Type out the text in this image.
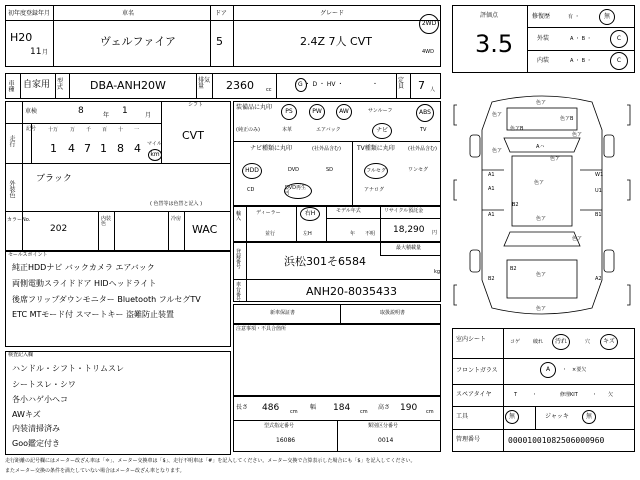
初年度登録年月	車名	ドア	グレード
H20
11 月
ヴェルファイア	5	2.4Z 7人 CVT
2WD
4WD
車種 自家用 型式	DBA-ANH20W	排気量	2360 cc
G ・ D ・ HV ・	・
定員	7 人
評価点
3.5
修復歴	有 ・	無
外装	A ・ B ・	C
内装	A ・ B ・	C
車検	8	年 1	月
シフト
CVT
走行
記号 十万 万 千 百 十 一
1 4 7 1 8 4 マイル
km
外装色
ブラック
( 色替等は色替と記入 )
カラーNo.
202
内装色
冷房
WAC
装備品に丸印
(純正のみ)
PS	PW	AW	サンルーフ	ABS
本革	エアバック	ナビ	TV
ナビ種類に丸印	(社外品含む)	TV種類に丸印	(社外品含む)
HDD	DVD	SD
CD	DVD再生可
フルセグ	ワンセグ
アナログ
輸入
ディーラー
並行
右H
左H
モデル年式
年 不明
リサイクル預託金
18,290 円
最大積載量
kg
登録番号	浜松301そ6584
車台番号
ANH20-8035433
新車保証書	取扱説明書
注意事項・不具合箇所
セールスポイント
純正HDDナビ バックカメラ エアバック
両側電動スライドドア HIDヘッドライト
後席フリップダウンモニター Bluetooth フルセグTV
ETC MTモード付 スマートキー 盗難防止装置
検査記入欄
ハンドル・シフト・トリムスレ
シートスレ・シワ
各小ハゲ小ヘコ
AWキズ
内装清掃済み
Goo鑑定付き
長さ 486 cm
幅 184 cm
高さ 190 cm
型式指定番号
16086
類別区分番号
0014
色ア
色ア
色アB
色アB
色ア
色ア
A1	W1
色ア
A1
B2
色ア
U1
Aハ
A1
色ア
B1
B2
色ア
B2	A2
色ア
色ア
室内シート	コゲ	破れ	汚れ	穴	キズ
フロントガラス	A	・ ×要欠
スペアタイヤ	T	・	修理KIT	・ 欠
工具	無	ジャッキ	無
管理番号	000010010825060009​60
走行距離の記号欄にはメーター改ざん車は「＊」、メーター交換車は「$」、走行不明車は「#」を記入してください。メーター交換で合算表示した場合にも「$」を記入してください。
またメーター交換の条件を満たしていない場合はメーター改ざん車となります。
